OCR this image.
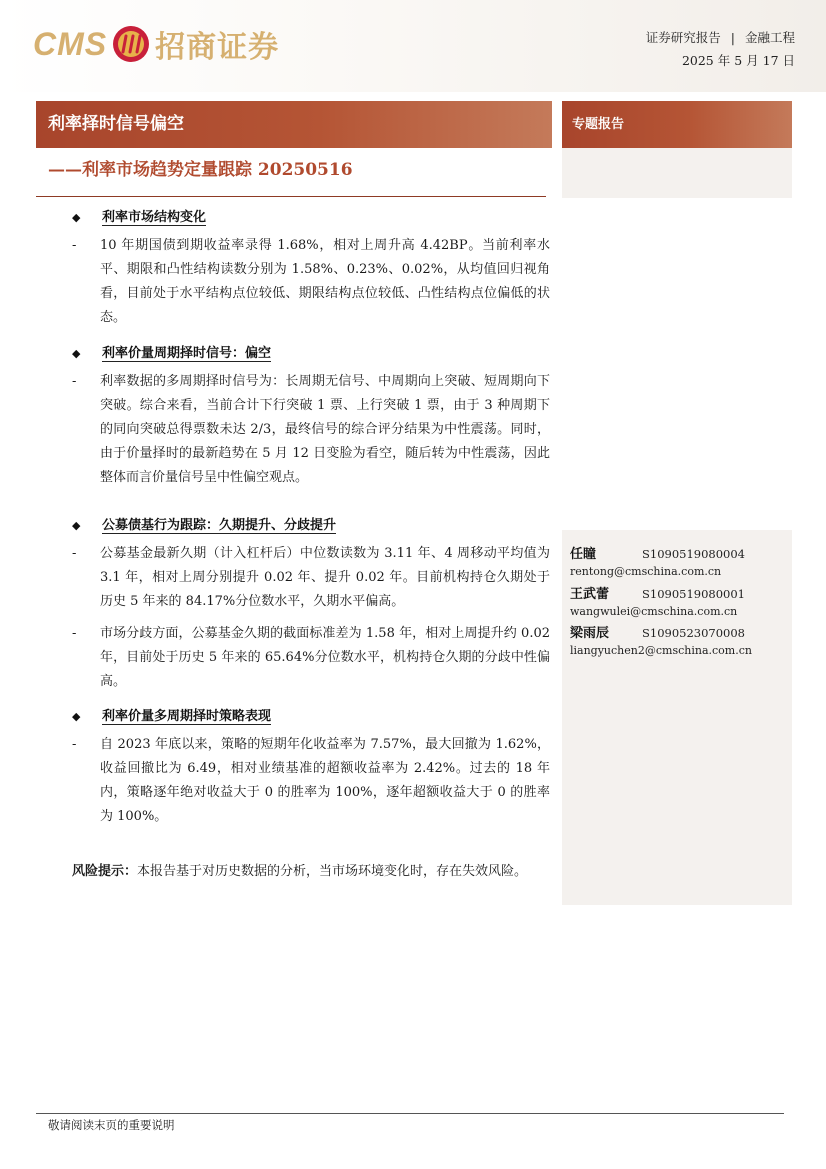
CMS 招商证券	证券研究报告 | 金融工程
2025 年 5 月 17 日
利率择时信号偏空	专题报告
——利率市场趋势定量跟踪 20250516
◆ 利率市场结构变化
- 10 年期国债到期收益率录得 1.68%，相对上周升高 4.42BP。当前利率水平、期限和凸性结构读数分别为 1.58%、0.23%、0.02%，从均值回归视角看，目前处于水平结构点位较低、期限结构点位较低、凸性结构点位偏低的状态。
◆ 利率价量周期择时信号：偏空
- 利率数据的多周期择时信号为：长周期无信号、中周期向上突破、短周期向下突破。综合来看，当前合计下行突破 1 票、上行突破 1 票，由于 3 种周期下的同向突破总得票数未达 2/3，最终信号的综合评分结果为中性震荡。同时，由于价量择时的最新趋势在 5 月 12 日变脸为看空，随后转为中性震荡，因此整体而言价量信号呈中性偏空观点。
◆ 公募债基行为跟踪：久期提升、分歧提升
- 公募基金最新久期（计入杠杆后）中位数读数为 3.11 年、4 周移动平均值为 3.1 年，相对上周分别提升 0.02 年、提升 0.02 年。目前机构持仓久期处于历史 5 年来的 84.17%分位数水平，久期水平偏高。
- 市场分歧方面，公募基金久期的截面标准差为 1.58 年，相对上周提升约 0.02 年，目前处于历史 5 年来的 65.64%分位数水平，机构持仓久期的分歧中性偏高。
◆ 利率价量多周期择时策略表现
- 自 2023 年底以来，策略的短期年化收益率为 7.57%，最大回撤为 1.62%，收益回撤比为 6.49，相对业绩基准的超额收益率为 2.42%。过去的 18 年内，策略逐年绝对收益大于 0 的胜率为 100%，逐年超额收益大于 0 的胜率为 100%。
任瞳	S1090519080004
rentong@cmschina.com.cn
王武蕾	S1090519080001
wangwulei@cmschina.com.cn
梁雨辰	S1090523070008
liangyuchen2@cmschina.com.cn
风险提示：本报告基于对历史数据的分析，当市场环境变化时，存在失效风险。
敬请阅读末页的重要说明
